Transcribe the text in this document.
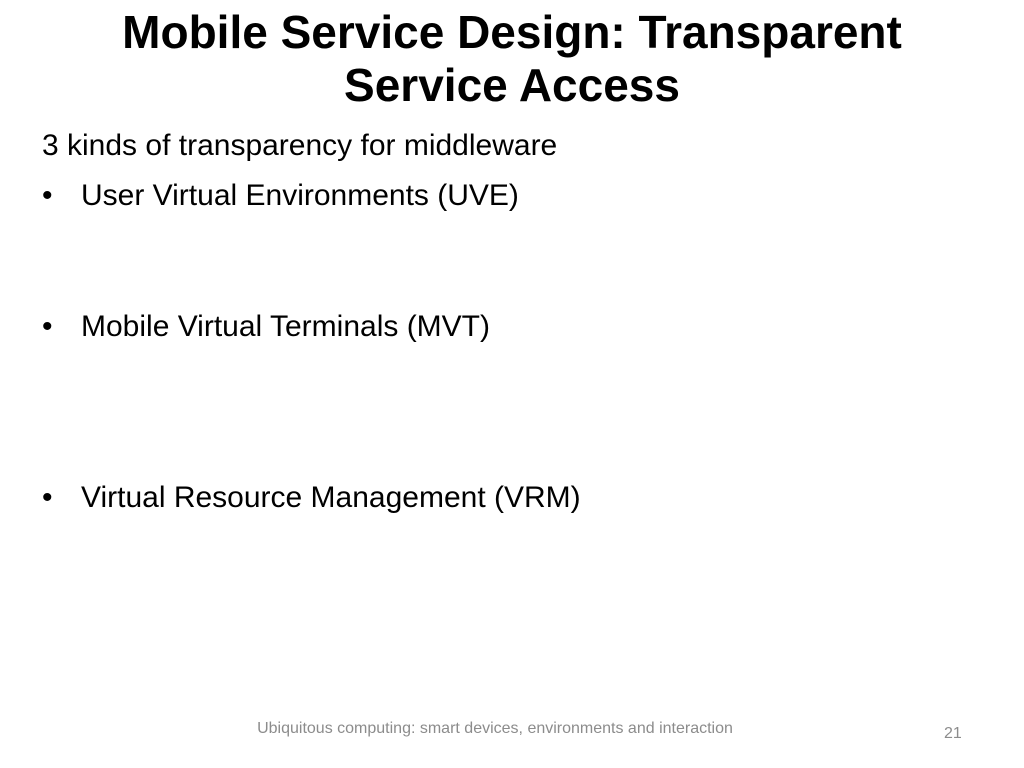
Mobile Service Design: Transparent
Service Access

3 kinds of transparency for middleware

• User Virtual Environments (UVE)
• Mobile Virtual Terminals (MVT)
• Virtual Resource Management (VRM)
Ubiquitous computing: smart devices, environments and interaction	21
